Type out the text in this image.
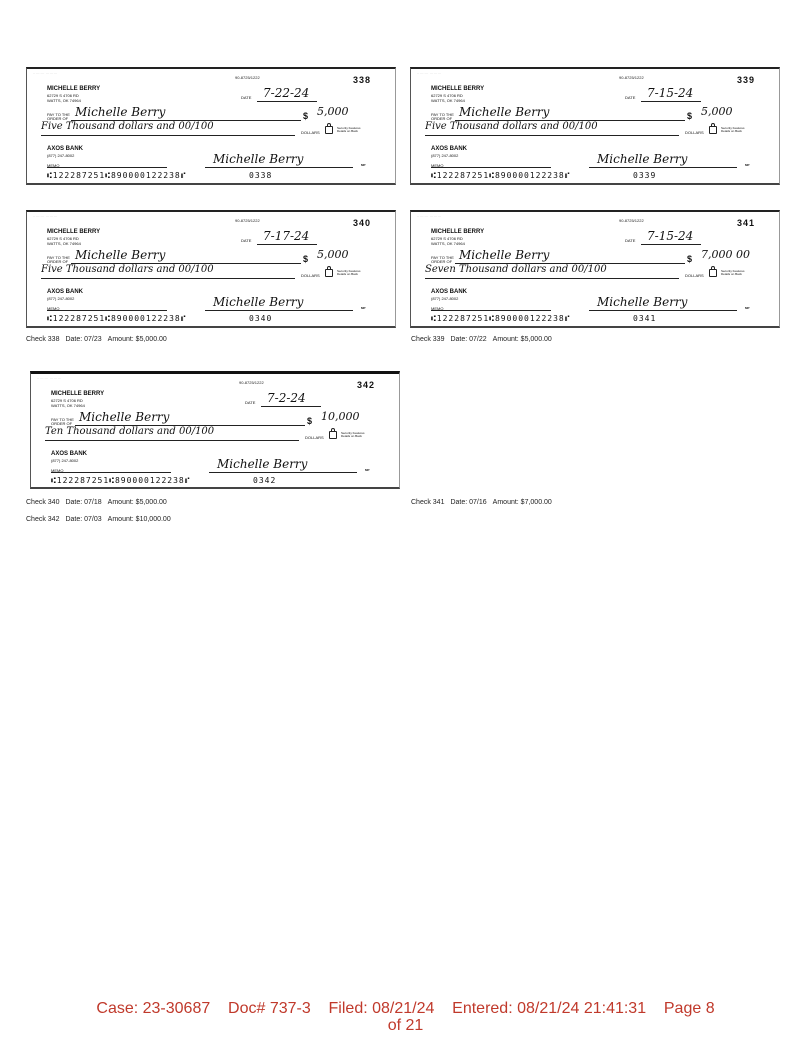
········· ·········
90-8725/1222	338
MICHELLE BERRY
62729 S 4706 RD
WATTS, OK 74964
DATE 7-22-24
PAY TO THE ORDER OF Michelle Berry	$ 5,000
Five Thousand dollars and 00/100
DOLLARS
Security Features Details on Back
AXOS BANK
(877) 247-8002
MEMO	Michelle Berry	MP
⑆122287251⑆890000122238⑈	0338
········· ·········
90-8725/1222	339
MICHELLE BERRY
62729 S 4706 RD
WATTS, OK 74964
DATE 7-15-24
PAY TO THE ORDER OF Michelle Berry	$ 5,000
Five Thousand dollars and 00/100
DOLLARS
Security Features Details on Back
AXOS BANK
(877) 247-8002
MEMO	Michelle Berry	MP
⑆122287251⑆890000122238⑈	0339
········· ·········
90-8725/1222	340
MICHELLE BERRY
62729 S 4706 RD
WATTS, OK 74964
DATE 7-17-24
PAY TO THE ORDER OF Michelle Berry	$ 5,000
Five Thousand dollars and 00/100
DOLLARS
Security Features Details on Back
AXOS BANK
(877) 247-8002
MEMO	Michelle Berry	MP
⑆122287251⑆890000122238⑈	0340
········· ·········
90-8725/1222	341
MICHELLE BERRY
62729 S 4706 RD
WATTS, OK 74964
DATE 7-15-24
PAY TO THE ORDER OF Michelle Berry	$ 7,000 00
Seven Thousand dollars and 00/100
DOLLARS
Security Features Details on Back
AXOS BANK
(877) 247-8002
MEMO	Michelle Berry	MP
⑆122287251⑆890000122238⑈	0341
Check 338 Date: 07/23 Amount: $5,000.00	Check 339 Date: 07/22 Amount: $5,000.00
········· ·········
90-8725/1222	342
MICHELLE BERRY
62729 S 4706 RD
WATTS, OK 74964
DATE 7-2-24
PAY TO THE ORDER OF Michelle Berry	$ 10,000
Ten Thousand dollars and 00/100
DOLLARS
Security Features Details on Back
AXOS BANK
(877) 247-8002
MEMO	Michelle Berry	MP
⑆122287251⑆890000122238⑈	0342
Check 340 Date: 07/18 Amount: $5,000.00	Check 341 Date: 07/16 Amount: $7,000.00
Check 342 Date: 07/03 Amount: $10,000.00
Case: 23-30687    Doc# 737-3    Filed: 08/21/24    Entered: 08/21/24 21:41:31    Page 8
of 21
